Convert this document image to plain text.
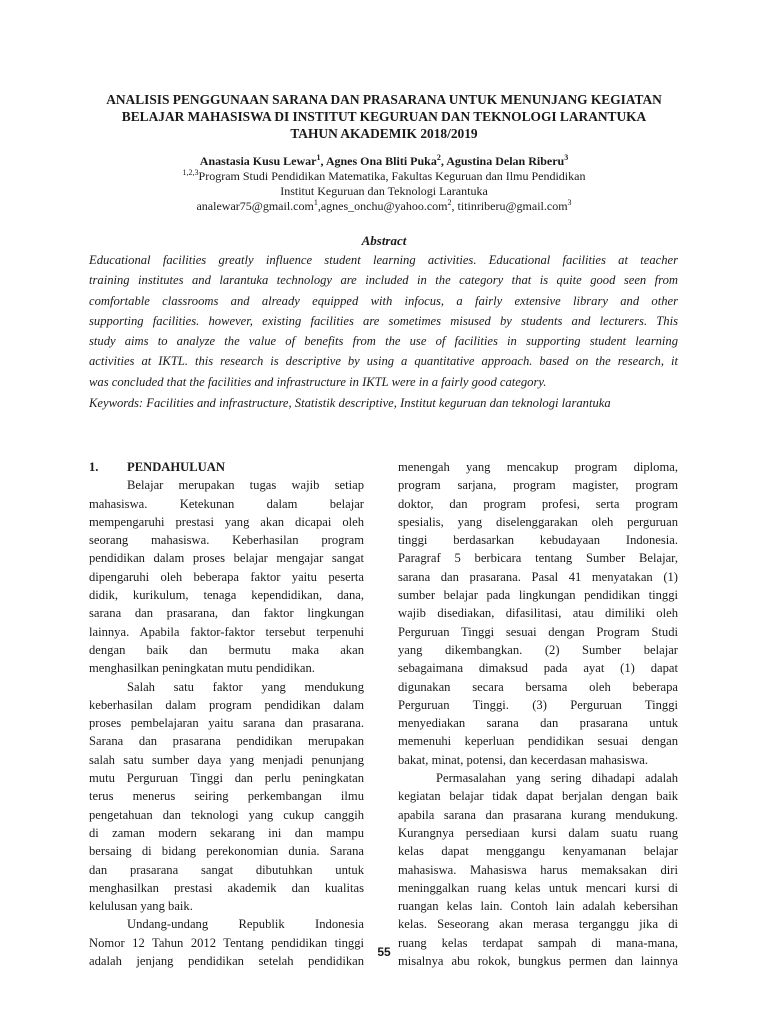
ANALISIS PENGGUNAAN SARANA DAN PRASARANA UNTUK MENUNJANG KEGIATAN
BELAJAR MAHASISWA DI INSTITUT KEGURUAN DAN TEKNOLOGI LARANTUKA
TAHUN AKADEMIK 2018/2019
Anastasia Kusu Lewar$^1$, Agnes Ona Bliti Puka$^2$, Agustina Delan Riberu$^3$
$^{1,2,3}$Program Studi Pendidikan Matematika, Fakultas Keguruan dan Ilmu Pendidikan
Institut Keguruan dan Teknologi Larantuka
analewar75@gmail.com$^1$,agnes_onchu@yahoo.com$^2$, titinriberu@gmail.com$^3$
Abstract
Educational facilities greatly influence student learning activities. Educational facilities at teacher
training institutes and larantuka technology are included in the category that is quite good seen from
comfortable classrooms and already equipped with infocus, a fairly extensive library and other
supporting facilities. however, existing facilities are sometimes misused by students and lecturers. This
study aims to analyze the value of benefits from the use of facilities in supporting student learning
activities at IKTL. this research is descriptive by using a quantitative approach. based on the research, it
was concluded that the facilities and infrastructure in IKTL were in a fairly good category.
Keywords: Facilities and infrastructure, Statistik descriptive, Institut keguruan dan teknologi larantuka
1. PENDAHULUAN
Belajar merupakan tugas wajib setiap
mahasiswa. Ketekunan dalam belajar
mempengaruhi prestasi yang akan dicapai oleh
seorang mahasiswa. Keberhasilan program
pendidikan dalam proses belajar mengajar sangat
dipengaruhi oleh beberapa faktor yaitu peserta
didik, kurikulum, tenaga kependidikan, dana,
sarana dan prasarana, dan faktor lingkungan
lainnya. Apabila faktor-faktor tersebut terpenuhi
dengan baik dan bermutu maka akan
menghasilkan peningkatan mutu pendidikan.
Salah satu faktor yang mendukung
keberhasilan dalam program pendidikan dalam
proses pembelajaran yaitu sarana dan prasarana.
Sarana dan prasarana pendidikan merupakan
salah satu sumber daya yang menjadi penunjang
mutu Perguruan Tinggi dan perlu peningkatan
terus menerus seiring perkembangan ilmu
pengetahuan dan teknologi yang cukup canggih
di zaman modern sekarang ini dan mampu
bersaing di bidang perekonomian dunia. Sarana
dan prasarana sangat dibutuhkan untuk
menghasilkan prestasi akademik dan kualitas
kelulusan yang baik.
Undang-undang Republik Indonesia
Nomor 12 Tahun 2012 Tentang pendidikan tinggi
adalah jenjang pendidikan setelah pendidikan
menengah yang mencakup program diploma,
program sarjana, program magister, program
doktor, dan program profesi, serta program
spesialis, yang diselenggarakan oleh perguruan
tinggi berdasarkan kebudayaan Indonesia.
Paragraf 5 berbicara tentang Sumber Belajar,
sarana dan prasarana. Pasal 41 menyatakan (1)
sumber belajar pada lingkungan pendidikan tinggi
wajib disediakan, difasilitasi, atau dimiliki oleh
Perguruan Tinggi sesuai dengan Program Studi
yang dikembangkan. (2) Sumber belajar
sebagaimana dimaksud pada ayat (1) dapat
digunakan secara bersama oleh beberapa
Perguruan Tinggi. (3) Perguruan Tinggi
menyediakan sarana dan prasarana untuk
memenuhi keperluan pendidikan sesuai dengan
bakat, minat, potensi, dan kecerdasan mahasiswa.
Permasalahan yang sering dihadapi adalah
kegiatan belajar tidak dapat berjalan dengan baik
apabila sarana dan prasarana kurang mendukung.
Kurangnya persediaan kursi dalam suatu ruang
kelas dapat menggangu kenyamanan belajar
mahasiswa. Mahasiswa harus memaksakan diri
meninggalkan ruang kelas untuk mencari kursi di
ruangan kelas lain. Contoh lain adalah kebersihan
kelas. Seseorang akan merasa terganggu jika di
ruang kelas terdapat sampah di mana-mana,
misalnya abu rokok, bungkus permen dan lainnya
55
